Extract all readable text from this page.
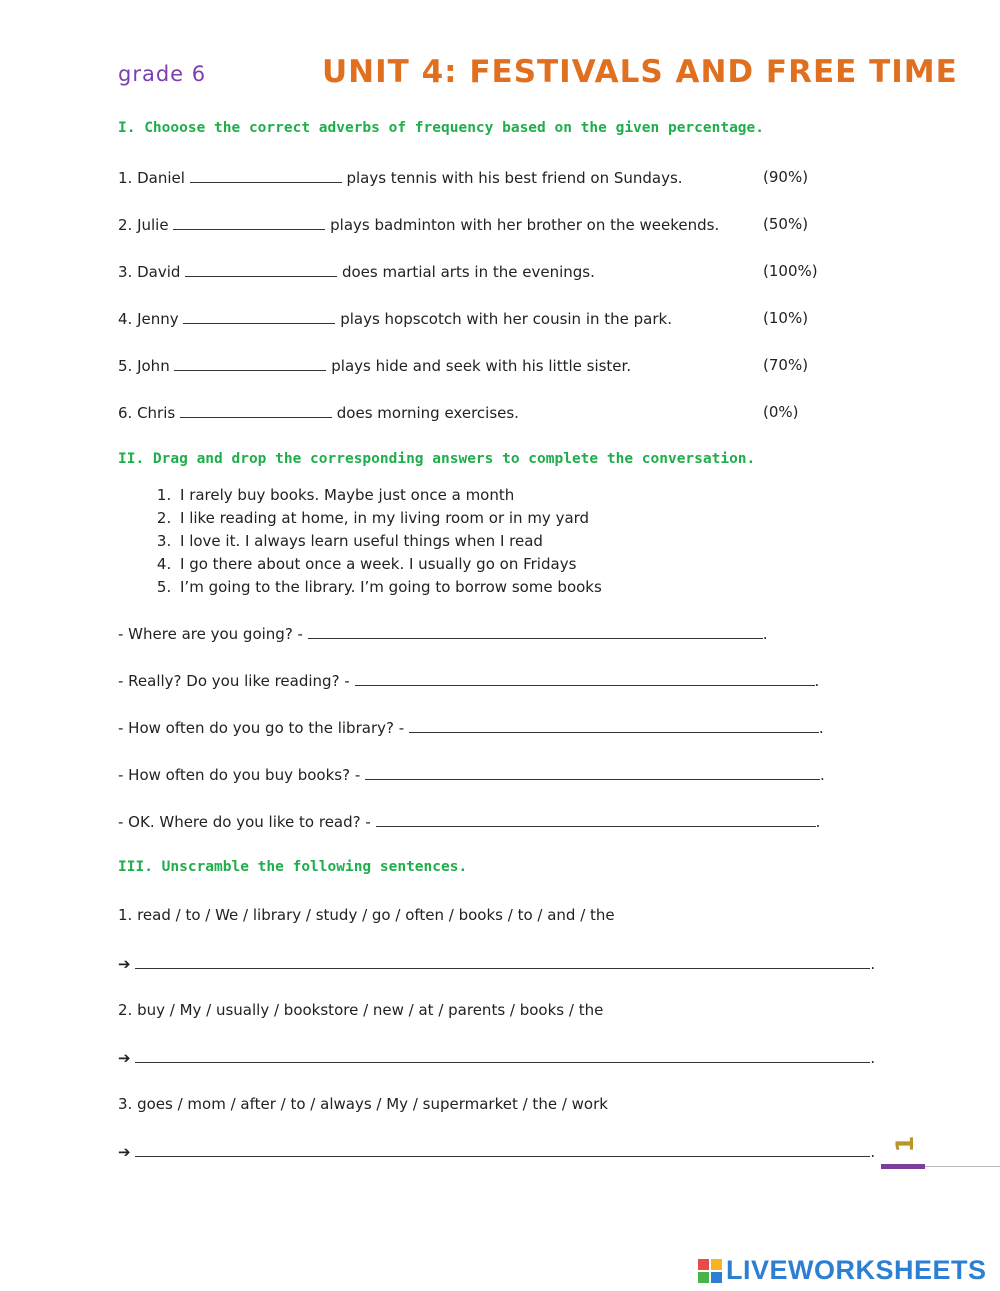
grade 6	UNIT 4: FESTIVALS AND FREE TIME
I. Chooose the correct adverbs of frequency based on the given percentage.
1. Daniel	plays tennis with his best friend on Sundays.	(90%)
2. Julie	plays badminton with her brother on the weekends.	(50%)
3. David	does martial arts in the evenings.	(100%)
4. Jenny	plays hopscotch with her cousin in the park.	(10%)
5. John	plays hide and seek with his little sister.	(70%)
6. Chris	does morning exercises.	(0%)
II. Drag and drop the corresponding answers to complete the conversation.
1. I rarely buy books. Maybe just once a month
2. I like reading at home, in my living room or in my yard
3. I love it. I always learn useful things when I read
4. I go there about once a week. I usually go on Fridays
5. I’m going to the library. I’m going to borrow some books
- Where are you going? -	.
- Really? Do you like reading? -	.
- How often do you go to the library? -	.
- How often do you buy books? -	.
- OK. Where do you like to read? -	.
III. Unscramble the following sentences.
1. read / to / We / library / study / go / often / books / to / and / the
➔	.
2. buy / My / usually / bookstore / new / at / parents / books / the
➔	.
3. goes / mom / after / to / always / My / supermarket / the / work
➔	. 1
LIVEWORKSHEETS
